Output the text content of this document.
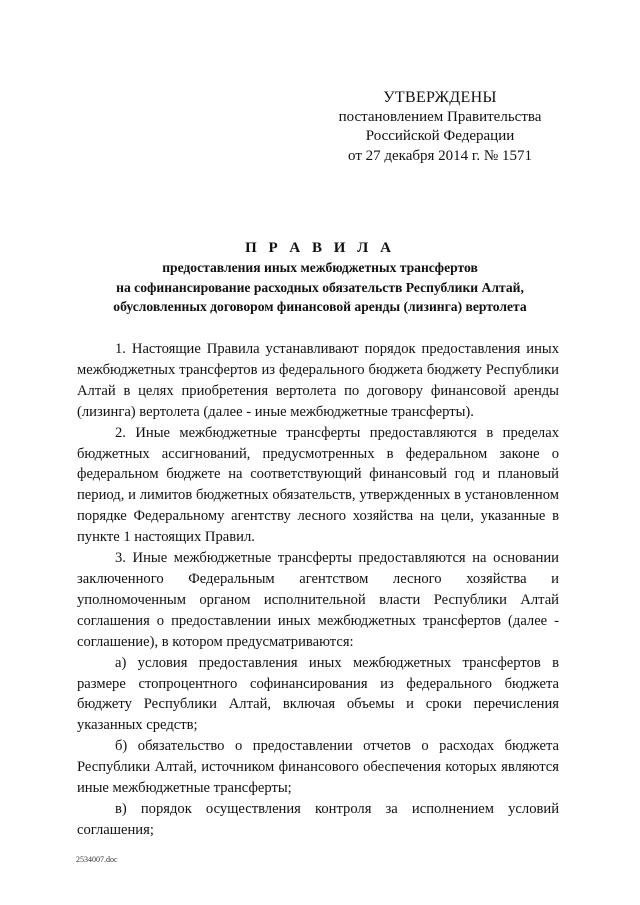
УТВЕРЖДЕНЫ
постановлением Правительства
Российской Федерации
от 27 декабря 2014 г. № 1571
П Р А В И Л А
предоставления иных межбюджетных трансфертов
на софинансирование расходных обязательств Республики Алтай,
обусловленных договором финансовой аренды (лизинга) вертолета

1. Настоящие Правила устанавливают порядок предоставления иных межбюджетных трансфертов из федерального бюджета бюджету Республики Алтай в целях приобретения вертолета по договору финансовой аренды (лизинга) вертолета (далее - иные межбюджетные трансферты).

2. Иные межбюджетные трансферты предоставляются в пределах бюджетных ассигнований, предусмотренных в федеральном законе о федеральном бюджете на соответствующий финансовый год и плановый период, и лимитов бюджетных обязательств, утвержденных в установленном порядке Федеральному агентству лесного хозяйства на цели, указанные в пункте 1 настоящих Правил.

3. Иные межбюджетные трансферты предоставляются на основании заключенного Федеральным агентством лесного хозяйства и уполномоченным органом исполнительной власти Республики Алтай соглашения о предоставлении иных межбюджетных трансфертов (далее - соглашение), в котором предусматриваются:

а) условия предоставления иных межбюджетных трансфертов в размере стопроцентного софинансирования из федерального бюджета бюджету Республики Алтай, включая объемы и сроки перечисления указанных средств;

б) обязательство о предоставлении отчетов о расходах бюджета Республики Алтай, источником финансового обеспечения которых являются иные межбюджетные трансферты;

в) порядок осуществления контроля за исполнением условий соглашения;

2534007.doc
